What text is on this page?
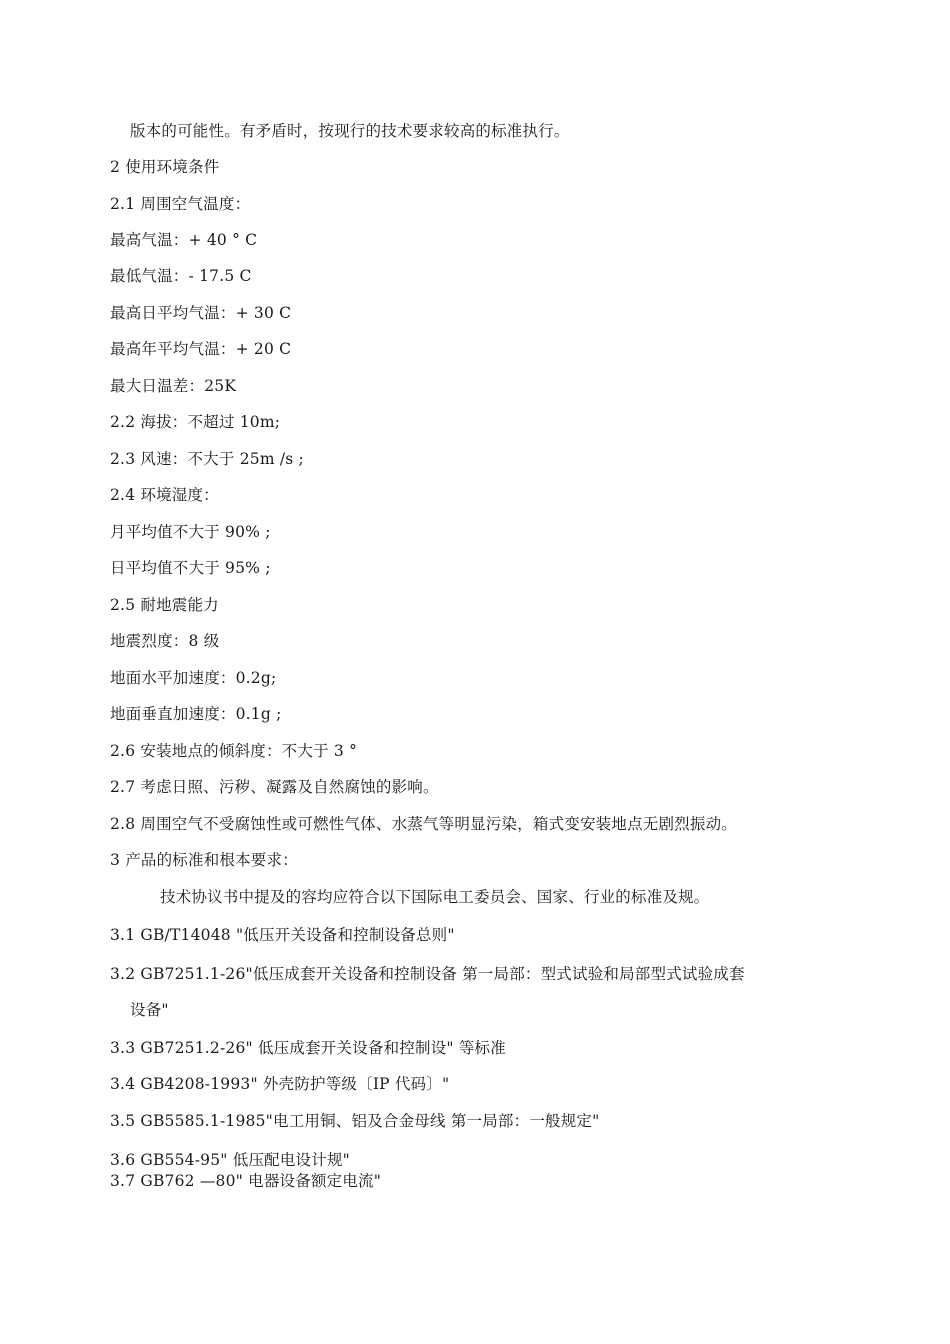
版本的可能性。有矛盾时，按现行的技术要求较高的标准执行。
2 使用环境条件
2.1 周围空气温度：
最高气温：+ 40 ° C
最低气温：- 17.5 C
最高日平均气温：+ 30 C
最高年平均气温：+ 20 C
最大日温差：25K
2.2 海拔：不超过 10m;
2.3 风速：不大于 25m /s ;
2.4 环境湿度：
月平均值不大于 90% ;
日平均值不大于 95% ;
2.5 耐地震能力
地震烈度：8 级
地面水平加速度：0.2g;
地面垂直加速度：0.1g ;
2.6 安装地点的倾斜度：不大于 3 °
2.7 考虑日照、污秽、凝露及自然腐蚀的影响。
2.8 周围空气不受腐蚀性或可燃性气体、水蒸气等明显污染，箱式变安装地点无剧烈振动。
3 产品的标准和根本要求：
技术协议书中提及的容均应符合以下国际电工委员会、国家、行业的标准及规。
3.1 GB/T14048 "低压开关设备和控制设备总则"
3.2 GB7251.1-26"低压成套开关设备和控制设备 第一局部：型式试验和局部型式试验成套
设备"
3.3 GB7251.2-26" 低压成套开关设备和控制设" 等标准
3.4 GB4208-1993" 外壳防护等级〔IP 代码〕"
3.5 GB5585.1-1985"电工用铜、铝及合金母线 第一局部：一般规定"
3.6 GB554-95" 低压配电设计规"
3.7 GB762 —80" 电器设备额定电流"
